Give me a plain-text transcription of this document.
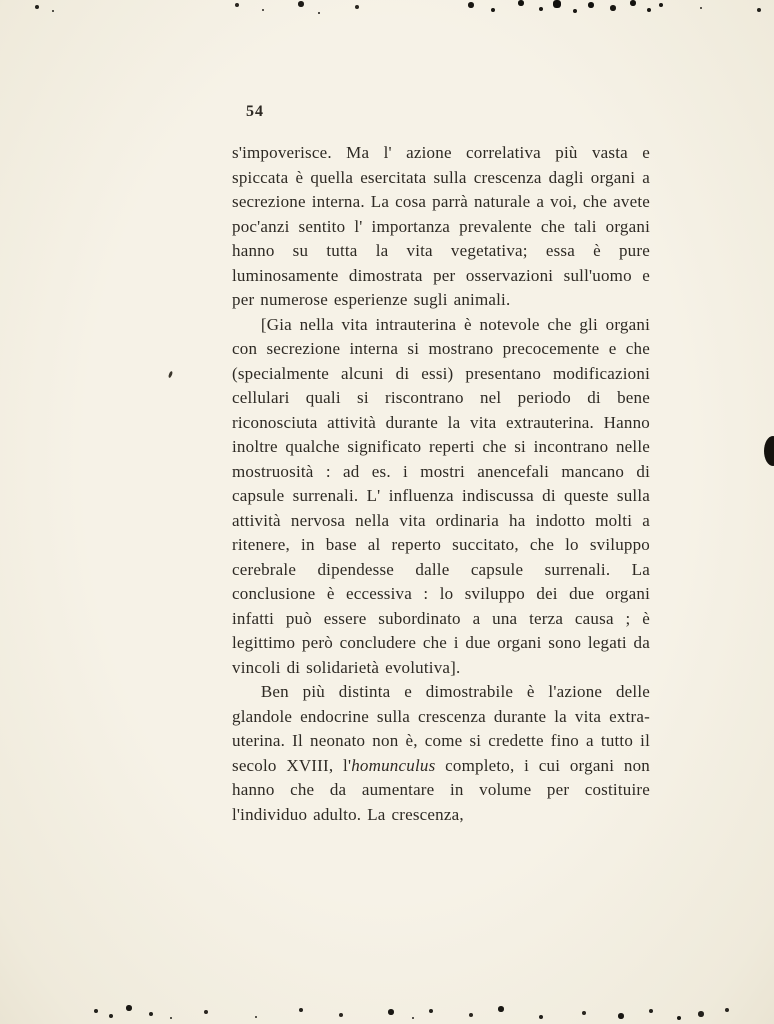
54

s'impoverisce. Ma l' azione correlativa più vasta e spiccata è quella esercitata sulla crescenza dagli organi a secrezione interna. La cosa parrà naturale a voi, che avete poc'anzi sentito l' importanza prevalente che tali organi hanno su tutta la vita vegetativa; essa è pure luminosamente dimostrata per osservazioni sull'uomo e per numerose esperienze sugli animali.

[Gia nella vita intrauterina è notevole che gli organi con secrezione interna si mostrano precocemente e che (specialmente alcuni di essi) presentano modificazioni cellulari quali si riscontrano nel periodo di bene riconosciuta attività durante la vita extrauterina. Hanno inoltre qualche significato reperti che si incontrano nelle mostruosità : ad es. i mostri anencefali mancano di capsule surrenali. L' influenza indiscussa di queste sulla attività nervosa nella vita ordinaria ha indotto molti a ritenere, in base al reperto succitato, che lo sviluppo cerebrale dipendesse dalle capsule surrenali. La conclusione è eccessiva : lo sviluppo dei due organi infatti può essere subordinato a una terza causa ; è legittimo però concludere che i due organi sono legati da vincoli di solidarietà evolutiva].

Ben più distinta e dimostrabile è l'azione delle glandole endocrine sulla crescenza durante la vita extra-uterina. Il neonato non è, come si credette fino a tutto il secolo XVIII, l'homunculus completo, i cui organi non hanno che da aumentare in volume per costituire l'individuo adulto. La crescenza,
